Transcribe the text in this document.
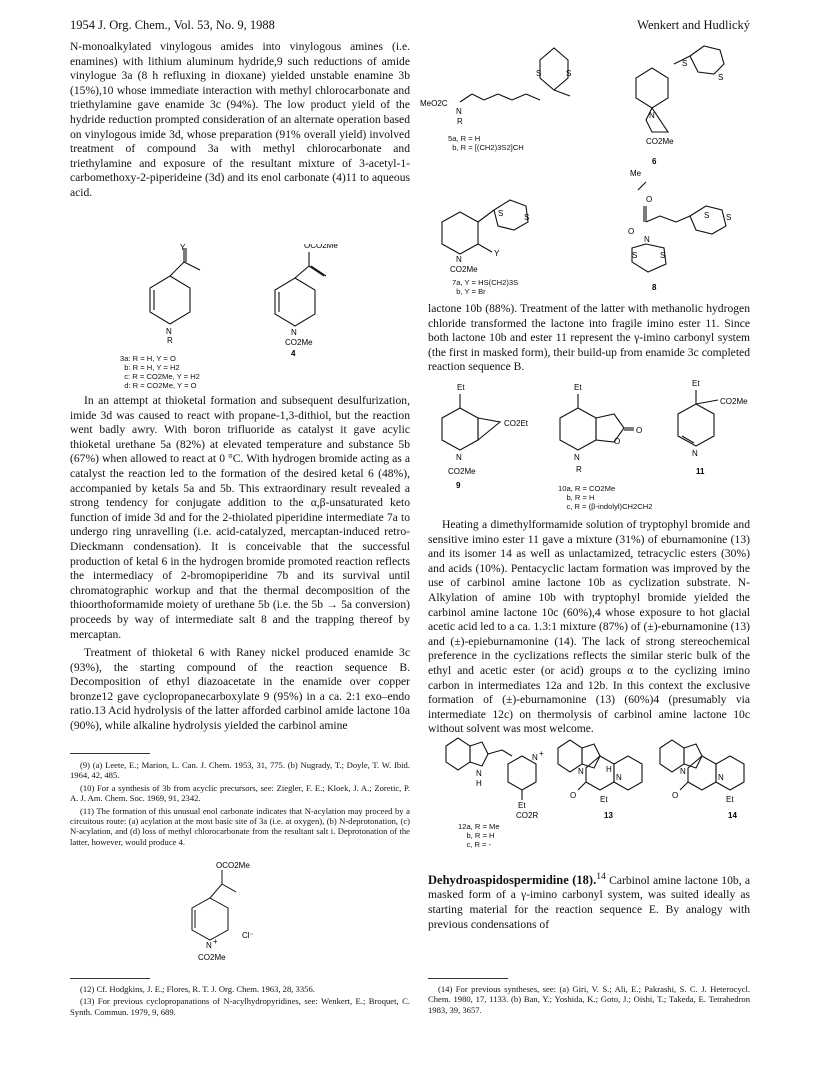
1954 J. Org. Chem., Vol. 53, No. 9, 1988	Wenkert and Hudlický

N-monoalkylated vinylogous amides into vinylogous amines (i.e. enamines) with lithium aluminum hydride,9 such reductions of amide vinylogue 3a (8 h refluxing in dioxane) yielded unstable enamine 3b (15%),10 whose immediate interaction with methyl chlorocarbonate and triethylamine gave enamide 3c (94%). The low product yield of the hydride reduction prompted consideration of an alternate operation based on vinylogous imide 3d, whose preparation (91% overall yield) involved treatment of compound 3a with methyl chlorocarbonate and triethylamine and exposure of the resultant mixture of 3-acetyl-1-carbomethoxy-2-piperideine (3d) and its enol carbonate (4)11 to aqueous acid.

Y
N
R
OCO2Me
N
CO2Me
4
3a: R = H, Y = O
b: R = H, Y = H2
c: R = CO2Me, Y = H2
d: R = CO2Me, Y = O

In an attempt at thioketal formation and subsequent desulfurization, imide 3d was caused to react with propane-1,3-dithiol, but the reaction went badly awry. With boron trifluoride as catalyst it gave acylic thioketal urethane 5a (82%) at elevated temperature and substance 5b (67%) when allowed to react at 0 °C. With hydrogen bromide acting as a catalyst the reaction led to the formation of the desired ketal 6 (48%), accompanied by ketals 5a and 5b. This extraordinary result revealed a strong tendency for conjugate addition to the α,β-unsaturated keto function of imide 3d and for the 2-thiolated piperidine intermediate 7a to undergo ring unravelling (i.e. acid-catalyzed, mercaptan-induced retro-Dieckmann condensation). It is conceivable that the successful production of ketal 6 in the hydrogen bromide promoted reaction reflects the intermediacy of 2-bromopiperidine 7b and its survival until chromatographic workup and that the thermal decomposition of the thioorthoformamide moiety of urethane 5b (i.e. the 5b → 5a conversion) proceeds by way of intermediate salt 8 and the trapping thereof by mercaptan.

Treatment of thioketal 6 with Raney nickel produced enamide 3c (93%), the starting compound of the reaction sequence B. Decomposition of ethyl diazoacetate in the enamide over copper bronze12 gave cyclopropanecarboxylate 9 (95%) in a ca. 2:1 exo–endo ratio.13 Acid hydrolysis of the latter afforded carbinol amide lactone 10a (90%), while alkaline hydrolysis yielded the carbinol amine

(9) (a) Leete, E.; Marion, L. Can. J. Chem. 1953, 31, 775. (b) Nugrady, T.; Doyle, T. W. Ibid. 1964, 42, 485.

(10) For a synthesis of 3b from acyclic precursors, see: Ziegler, F. E.; Kloek, J. A.; Zoretic, P. A. J. Am. Chem. Soc. 1969, 91, 2342.

(11) The formation of this unusual enol carbonate indicates that N-acylation may proceed by a circuitous route: (a) acylation at the most basic site of 3a (i.e. at oxygen), (b) N-deprotonation, (c) N-acylation, and (d) loss of methyl chlorocarbonate from the resultant salt i. Deprotonation of the latter, however, would produce 4.

OCO2Me
N +
Cl⁻
CO2Me

(12) Cf. Hodgkins, J. E.; Flores, R. T. J. Org. Chem. 1963, 28, 3356.

(13) For previous cyclopropanations of N-acylhydropyridines, see: Wenkert, E.; Broquet, C. Synth. Commun. 1979, 9, 689.

MeO2C
N
R
S	S
S
S
N
CO2Me
6
Me
O
O
N
S	S
S S
8
N
Y
S	S
CO2Me
5a, R = H
b, R = [(CH2)3S2]CH
7a, Y = HS(CH2)3S
b, Y = Br

lactone 10b (88%). Treatment of the latter with methanolic hydrogen chloride transformed the lactone into fragile imino ester 11. Since both lactone 10b and ester 11 represent the γ-imino carbonyl system (the first in masked form), their build-up from enamide 3c completed reaction sequence B.

Et
CO2Et
N
CO2Me
9
Et
O
O
N
R
Et
CO2Me
N
11
10a, R = CO2Me
b, R = H
c, R = (β-indolyl)CH2CH2

Heating a dimethylformamide solution of tryptophyl bromide and sensitive imino ester 11 gave a mixture (31%) of eburnamonine (13) and its isomer 14 as well as unlactamized, tetracyclic esters (30%) and acids (10%). Pentacyclic lactam formation was improved by the use of carbinol amine lactone 10b as cyclization substrate. N-Alkylation of amine 10b with tryptophyl bromide yielded the carbinol amine lactone 10c (60%),4 whose exposure to hot glacial acetic acid led to a ca. 1.3:1 mixture (87%) of (±)-eburnamonine (13) and (±)-epieburnamonine (14). The lack of strong stereochemical preference in the cyclizations reflects the similar steric bulk of the ethyl and acetic ester (or acid) groups α to the cyclizing imino carbon in intermediates 12a and 12b. In this context the exclusive formation of (±)-eburnamonine (13) (60%)4 (presumably via intermediate 12c) on thermolysis of carbinol amine lactone 10c without solvent was most welcome.

N
H
N +
Et
CO2R
N	H
N
O	Et
13
N
N
O	Et
14
12a, R = Me
b, R = H
c, R = -

Dehydroaspidospermidine (18).$^{14}$ Carbinol amine lactone 10b, a masked form of a γ-imino carbonyl system, was suited ideally as starting material for the reaction sequence E. By analogy with previous condensations of

(14) For previous syntheses, see: (a) Giri, V. S.; Ali, E.; Pakrashi, S. C. J. Heterocycl. Chem. 1980, 17, 1133. (b) Ban, Y.; Yoshida, K.; Goto, J.; Oishi, T.; Takeda, E. Tetrahedron 1983, 39, 3657.
